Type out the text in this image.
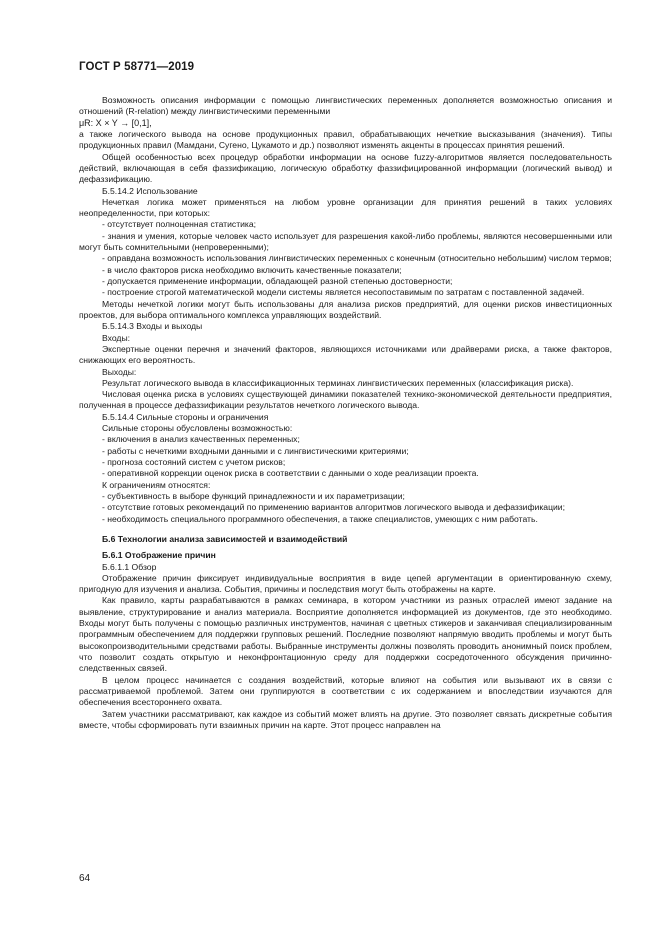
ГОСТ Р 58771—2019

Возможность описания информации с помощью лингвистических переменных дополняется возможностью описания и отношений (R-relation) между лингвистическими переменными

μR: X × Y → [0,1],

а также логического вывода на основе продукционных правил, обрабатывающих нечеткие высказывания (значения). Типы продукционных правил (Мамдани, Сугено, Цукамото и др.) позволяют изменять акценты в процессах принятия решений.

Общей особенностью всех процедур обработки информации на основе fuzzy-алгоритмов является последовательность действий, включающая в себя фаззификацию, логическую обработку фаззифицированной информации (логический вывод) и дефаззификацию.

Б.5.14.2 Использование

Нечеткая логика может применяться на любом уровне организации для принятия решений в таких условиях неопределенности, при которых:

- отсутствует полноценная статистика;

- знания и умения, которые человек часто использует для разрешения какой-либо проблемы, являются несовершенными или могут быть сомнительными (непроверенными);

- оправдана возможность использования лингвистических переменных с конечным (относительно небольшим) числом термов;

- в число факторов риска необходимо включить качественные показатели;

- допускается применение информации, обладающей разной степенью достоверности;

- построение строгой математической модели системы является несопоставимым по затратам с поставленной задачей.

Методы нечеткой логики могут быть использованы для анализа рисков предприятий, для оценки рисков инвестиционных проектов, для выбора оптимального комплекса управляющих воздействий.

Б.5.14.3 Входы и выходы

Входы:

Экспертные оценки перечня и значений факторов, являющихся источниками или драйверами риска, а также факторов, снижающих его вероятность.

Выходы:

Результат логического вывода в классификационных терминах лингвистических переменных (классификация риска).

Числовая оценка риска в условиях существующей динамики показателей технико-экономической деятельности предприятия, полученная в процессе дефаззификации результатов нечеткого логического вывода.

Б.5.14.4 Сильные стороны и ограничения

Сильные стороны обусловлены возможностью:

- включения в анализ качественных переменных;

- работы с нечеткими входными данными и с лингвистическими критериями;

- прогноза состояний систем с учетом рисков;

- оперативной коррекции оценок риска в соответствии с данными о ходе реализации проекта.

К ограничениям относятся:

- субъективность в выборе функций принадлежности и их параметризации;

- отсутствие готовых рекомендаций по применению вариантов алгоритмов логического вывода и дефаззификации;

- необходимость специального программного обеспечения, а также специалистов, умеющих с ним работать.

Б.6 Технологии анализа зависимостей и взаимодействий

Б.6.1 Отображение причин

Б.6.1.1 Обзор

Отображение причин фиксирует индивидуальные восприятия в виде цепей аргументации в ориентированную схему, пригодную для изучения и анализа. События, причины и последствия могут быть отображены на карте.

Как правило, карты разрабатываются в рамках семинара, в котором участники из разных отраслей имеют задание на выявление, структурирование и анализ материала. Восприятие дополняется информацией из документов, где это необходимо. Входы могут быть получены с помощью различных инструментов, начиная с цветных стикеров и заканчивая специализированным программным обеспечением для поддержки групповых решений. Последние позволяют напрямую вводить проблемы и могут быть высокопроизводительными средствами работы. Выбранные инструменты должны позволять проводить анонимный поиск проблем, что позволит создать открытую и неконфронтационную среду для поддержки сосредоточенного обсуждения причинно-следственных связей.

В целом процесс начинается с создания воздействий, которые влияют на события или вызывают их в связи с рассматриваемой проблемой. Затем они группируются в соответствии с их содержанием и впоследствии изучаются для обеспечения всестороннего охвата.

Затем участники рассматривают, как каждое из событий может влиять на другие. Это позволяет связать дискретные события вместе, чтобы сформировать пути взаимных причин на карте. Этот процесс направлен на

64
